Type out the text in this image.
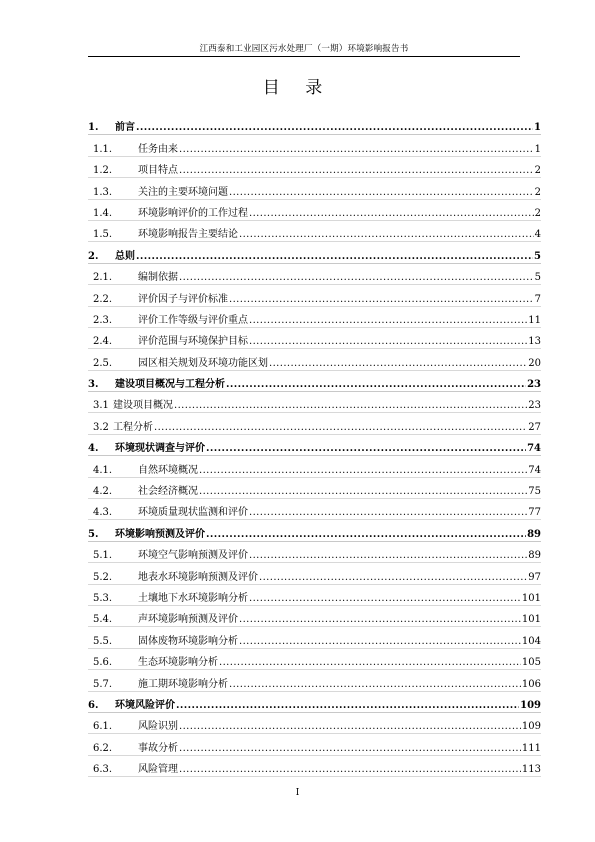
江西泰和工业园区污水处理厂（一期）环境影响报告书
目 录
1.	前言 .....	1
1.1.	任务由来 .....	1
1.2.	项目特点 .....	2
1.3.	关注的主要环境问题 .....	2
1.4.	环境影响评价的工作过程 .....	2
1.5.	环境影响报告主要结论 .....	4
2.	总则 .....	5
2.1.	编制依据 .....	5
2.2.	评价因子与评价标准 .....	7
2.3.	评价工作等级与评价重点 .....	11
2.4.	评价范围与环境保护目标 .....	13
2.5.	园区相关规划及环境功能区划 .....	20
3.	建设项目概况与工程分析 .....	23
3.1 建设项目概况 .....	23
3.2 工程分析 .....	27
4.	环境现状调查与评价 .....	74
4.1.	自然环境概况 .....	74
4.2.	社会经济概况 .....	75
4.3.	环境质量现状监测和评价 .....	77
5.	环境影响预测及评价 .....	89
5.1.	环境空气影响预测及评价 .....	89
5.2.	地表水环境影响预测及评价 .....	97
5.3.	土壤地下水环境影响分析 .....	101
5.4.	声环境影响预测及评价 .....	101
5.5.	固体废物环境影响分析 .....	104
5.6.	生态环境影响分析 .....	105
5.7.	施工期环境影响分析 .....	106
6.	环境风险评价 .....	109
6.1.	风险识别 .....	109
6.2.	事故分析 .....	111
6.3.	风险管理 .....	113
I
